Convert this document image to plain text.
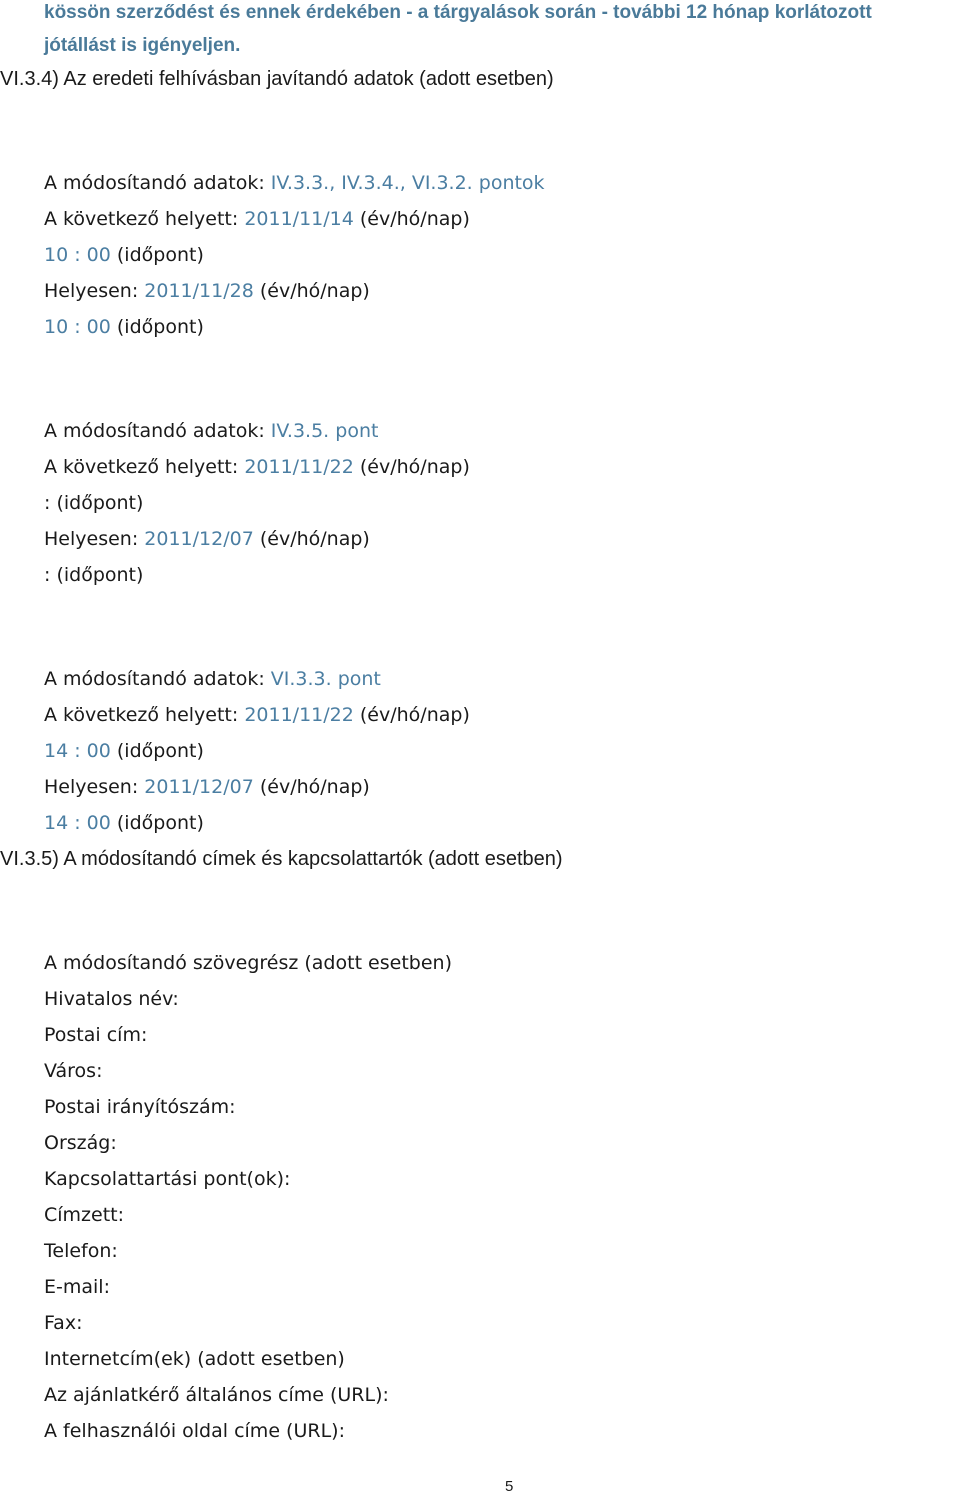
kössön szerződést és ennek érdekében - a tárgyalások során - további 12 hónap korlátozott
jótállást is igényeljen.
VI.3.4) Az eredeti felhívásban javítandó adatok (adott esetben)
A módosítandó adatok: IV.3.3., IV.3.4., VI.3.2. pontok
A következő helyett: 2011/11/14 (év/hó/nap)
10 : 00 (időpont)
Helyesen: 2011/11/28 (év/hó/nap)
10 : 00 (időpont)
A módosítandó adatok: IV.3.5. pont
A következő helyett: 2011/11/22 (év/hó/nap)
: (időpont)
Helyesen: 2011/12/07 (év/hó/nap)
: (időpont)
A módosítandó adatok: VI.3.3. pont
A következő helyett: 2011/11/22 (év/hó/nap)
14 : 00 (időpont)
Helyesen: 2011/12/07 (év/hó/nap)
14 : 00 (időpont)
VI.3.5) A módosítandó címek és kapcsolattartók (adott esetben)
A módosítandó szövegrész (adott esetben)
Hivatalos név:
Postai cím:
Város:
Postai irányítószám:
Ország:
Kapcsolattartási pont(ok):
Címzett:
Telefon:
E-mail:
Fax:
Internetcím(ek) (adott esetben)
Az ajánlatkérő általános címe (URL):
A felhasználói oldal címe (URL):
5
